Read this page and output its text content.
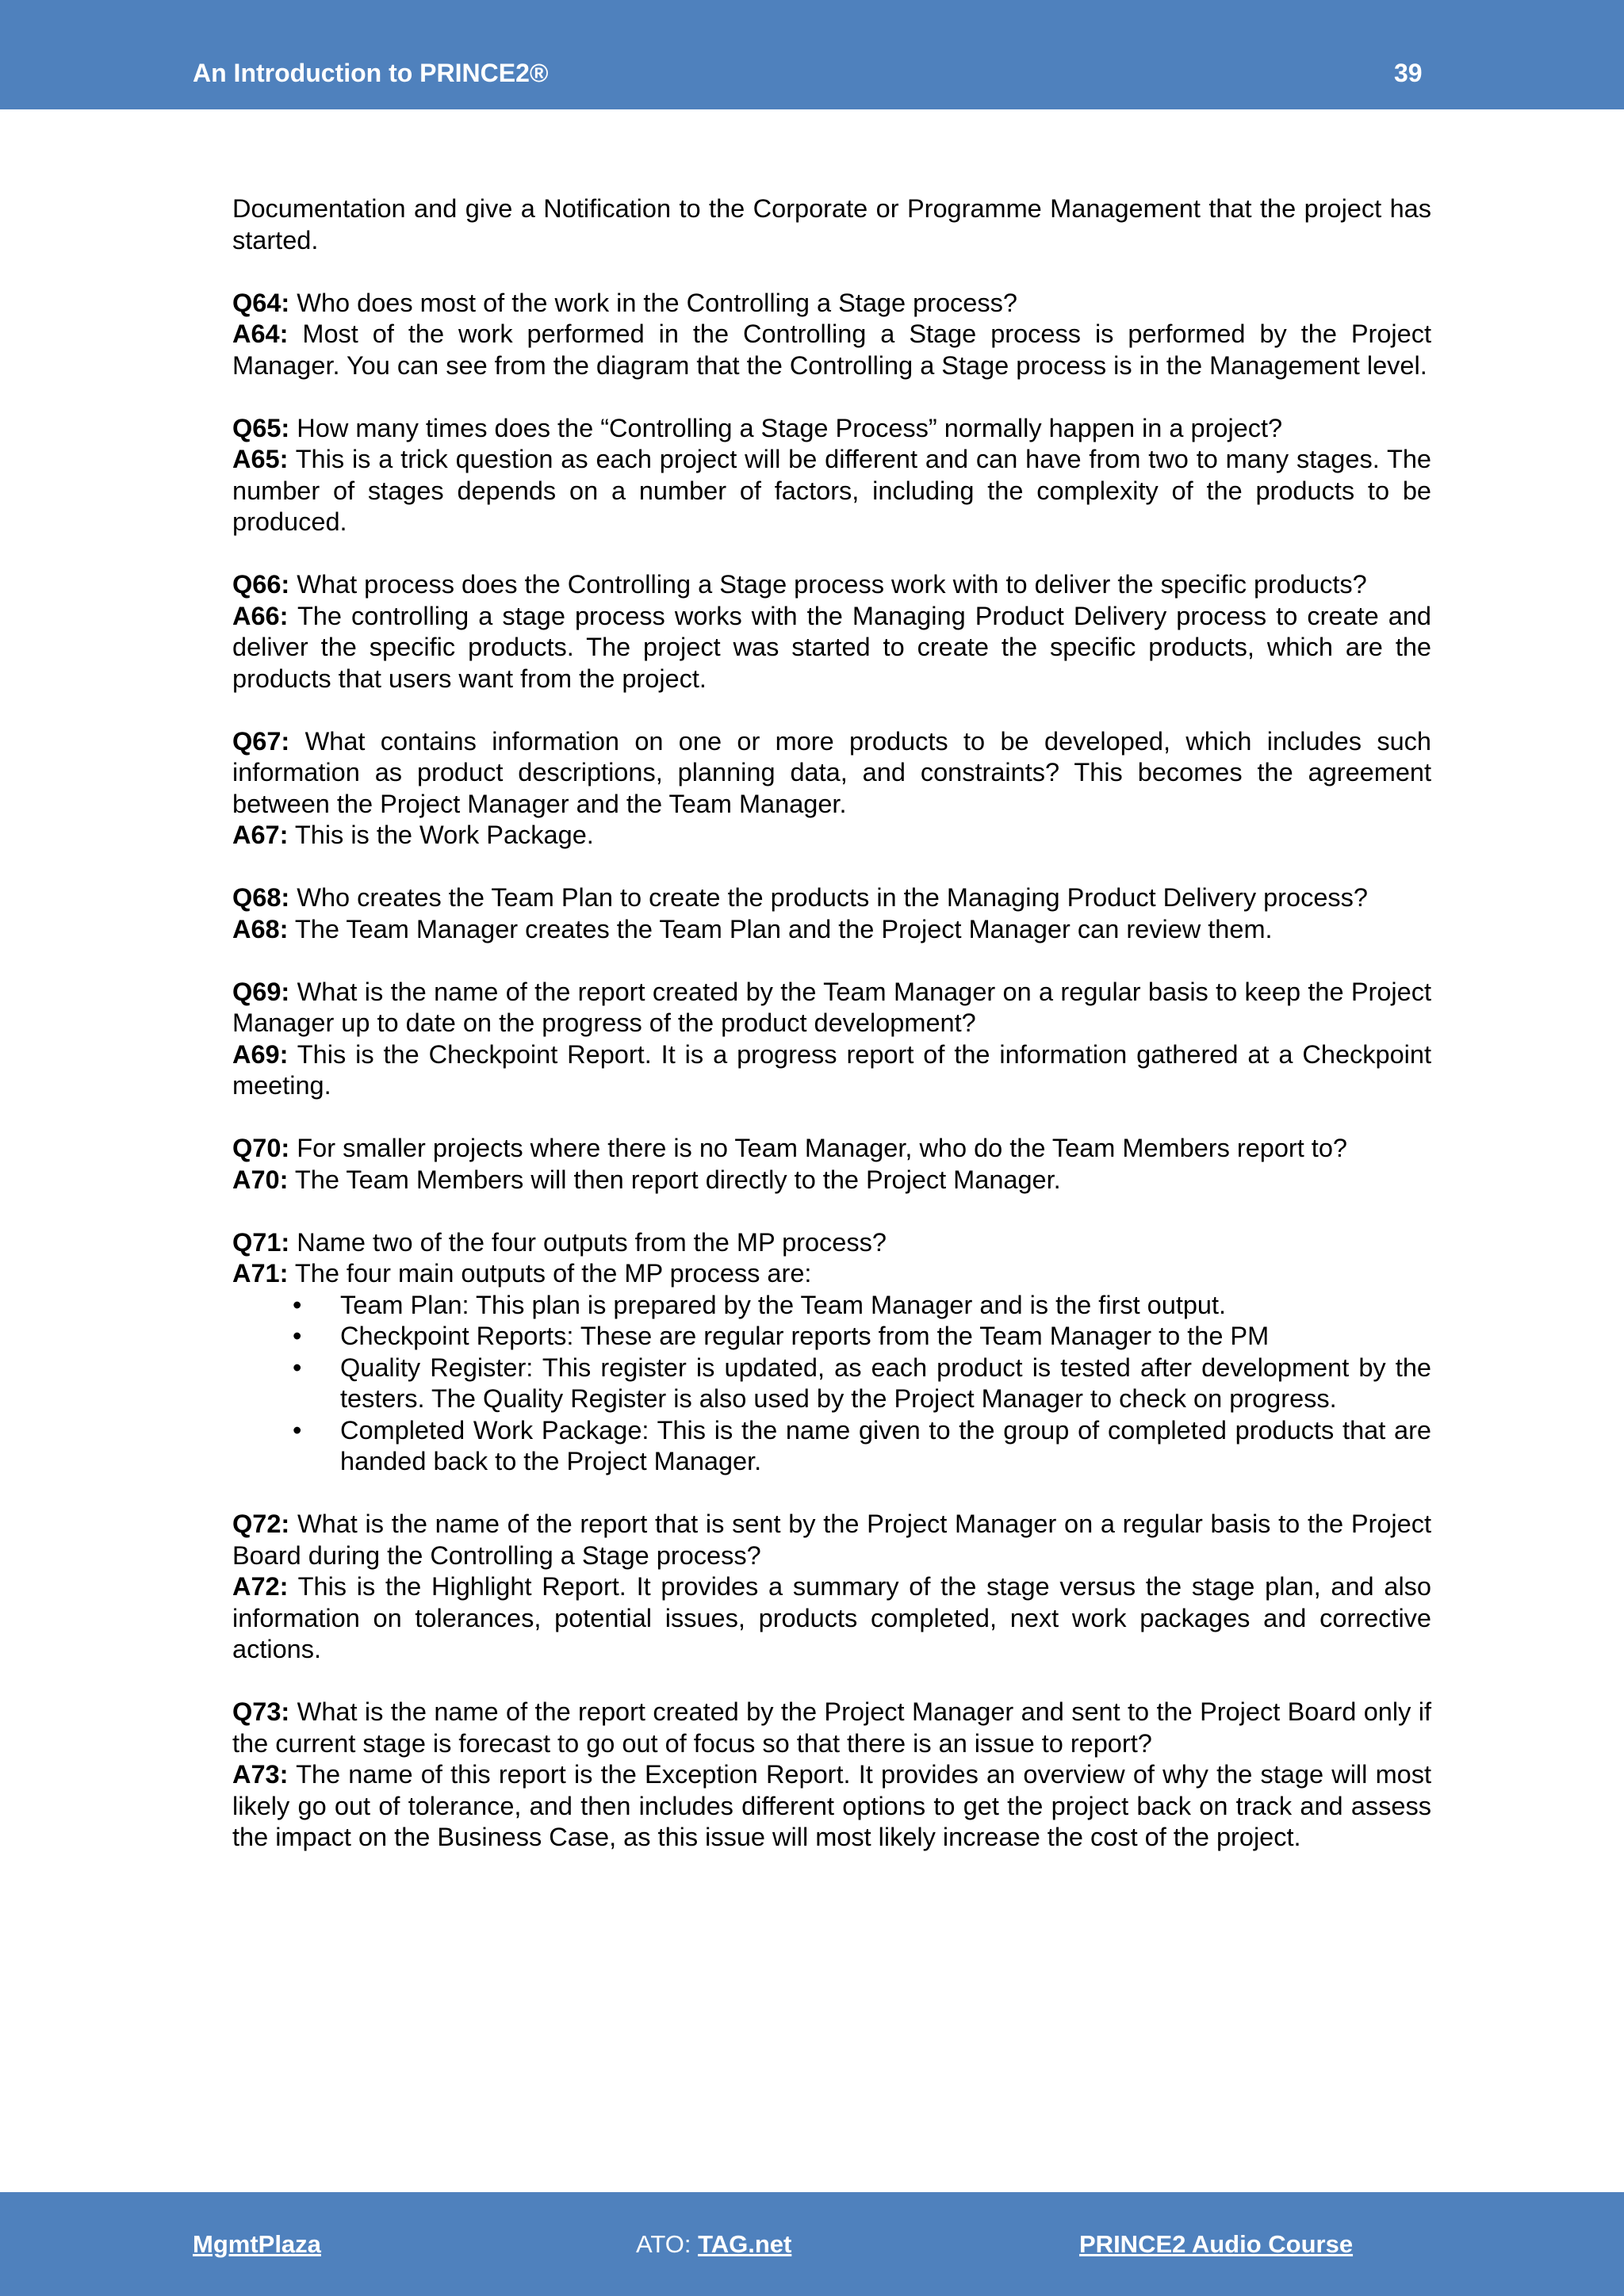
An Introduction to PRINCE2®	39

Documentation and give a Notification to the Corporate or Programme Management that the project has started.

Q64: Who does most of the work in the Controlling a Stage process?

A64: Most of the work performed in the Controlling a Stage process is performed by the Project Manager. You can see from the diagram that the Controlling a Stage process is in the Management level.

Q65: How many times does the “Controlling a Stage Process” normally happen in a project?

A65: This is a trick question as each project will be different and can have from two to many stages. The number of stages depends on a number of factors, including the complexity of the products to be produced.

Q66: What process does the Controlling a Stage process work with to deliver the specific products?

A66: The controlling a stage process works with the Managing Product Delivery process to create and deliver the specific products. The project was started to create the specific products, which are the products that users want from the project.

Q67: What contains information on one or more products to be developed, which includes such information as product descriptions, planning data, and constraints? This becomes the agreement between the Project Manager and the Team Manager.

A67: This is the Work Package.

Q68: Who creates the Team Plan to create the products in the Managing Product Delivery process?

A68: The Team Manager creates the Team Plan and the Project Manager can review them.

Q69: What is the name of the report created by the Team Manager on a regular basis to keep the Project Manager up to date on the progress of the product development?

A69: This is the Checkpoint Report. It is a progress report of the information gathered at a Checkpoint meeting.

Q70: For smaller projects where there is no Team Manager, who do the Team Members report to?

A70: The Team Members will then report directly to the Project Manager.

Q71: Name two of the four outputs from the MP process?

A71: The four main outputs of the MP process are:

• Team Plan: This plan is prepared by the Team Manager and is the first output.
• Checkpoint Reports: These are regular reports from the Team Manager to the PM
• Quality Register: This register is updated, as each product is tested after development by the testers. The Quality Register is also used by the Project Manager to check on progress.
• Completed Work Package: This is the name given to the group of completed products that are handed back to the Project Manager.

Q72: What is the name of the report that is sent by the Project Manager on a regular basis to the Project Board during the Controlling a Stage process?

A72: This is the Highlight Report. It provides a summary of the stage versus the stage plan, and also information on tolerances, potential issues, products completed, next work packages and corrective actions.

Q73: What is the name of the report created by the Project Manager and sent to the Project Board only if the current stage is forecast to go out of focus so that there is an issue to report?

A73: The name of this report is the Exception Report. It provides an overview of why the stage will most likely go out of tolerance, and then includes different options to get the project back on track and assess the impact on the Business Case, as this issue will most likely increase the cost of the project.

MgmtPlaza	ATO: TAG.net	PRINCE2 Audio Course
